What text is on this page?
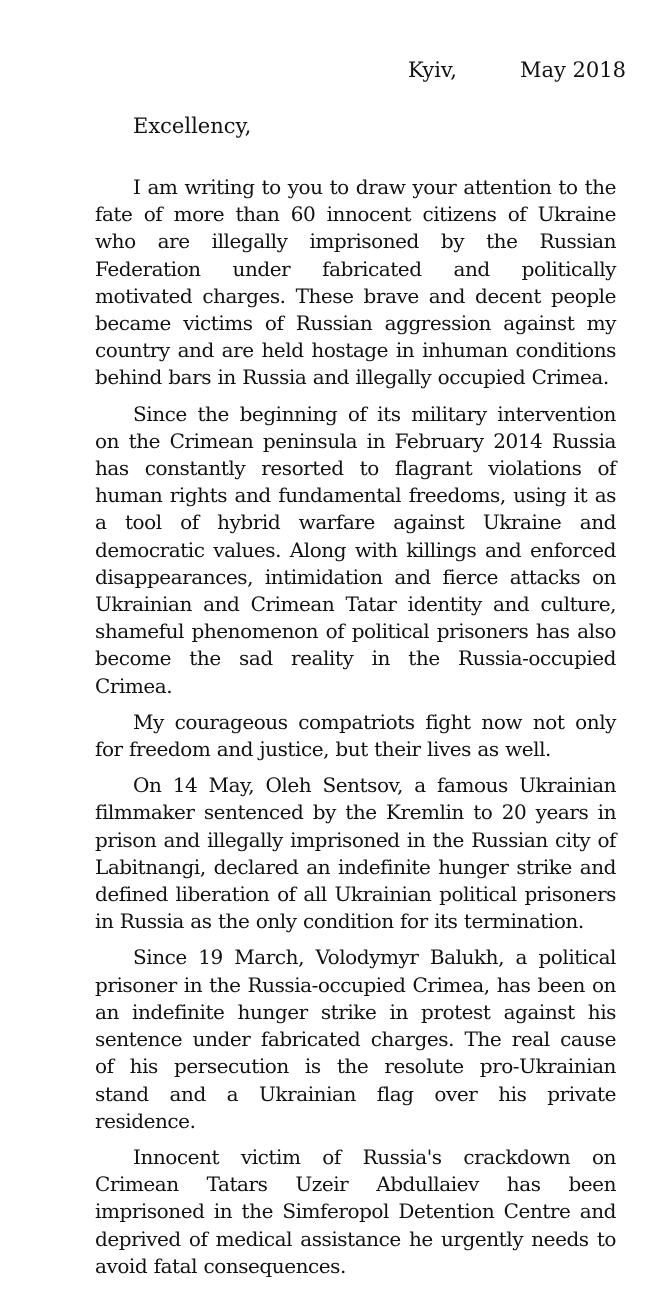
Kyiv,	May 2018
Excellency,

I am writing to you to draw your attention to the fate of more than 60 innocent citizens of Ukraine who are illegally imprisoned by the Russian Federation under fabricated and politically motivated charges. These brave and decent people became victims of Russian aggression against my country and are held hostage in inhuman conditions behind bars in Russia and illegally occupied Crimea.

Since the beginning of its military intervention on the Crimean peninsula in February 2014 Russia has constantly resorted to flagrant violations of human rights and fundamental freedoms, using it as a tool of hybrid warfare against Ukraine and democratic values. Along with killings and enforced disappearances, intimidation and fierce attacks on Ukrainian and Crimean Tatar identity and culture, shameful phenomenon of political prisoners has also become the sad reality in the Russia-occupied Crimea.

My courageous compatriots fight now not only for freedom and justice, but their lives as well.

On 14 May, Oleh Sentsov, a famous Ukrainian filmmaker sentenced by the Kremlin to 20 years in prison and illegally imprisoned in the Russian city of Labitnangi, declared an indefinite hunger strike and defined liberation of all Ukrainian political prisoners in Russia as the only condition for its termination.

Since 19 March, Volodymyr Balukh, a political prisoner in the Russia-occupied Crimea, has been on an indefinite hunger strike in protest against his sentence under fabricated charges. The real cause of his persecution is the resolute pro-Ukrainian stand and a Ukrainian flag over his private residence.

Innocent victim of Russia's crackdown on Crimean Tatars Uzeir Abdullaiev has been imprisoned in the Simferopol Detention Centre and deprived of medical assistance he urgently needs to avoid fatal consequences.
